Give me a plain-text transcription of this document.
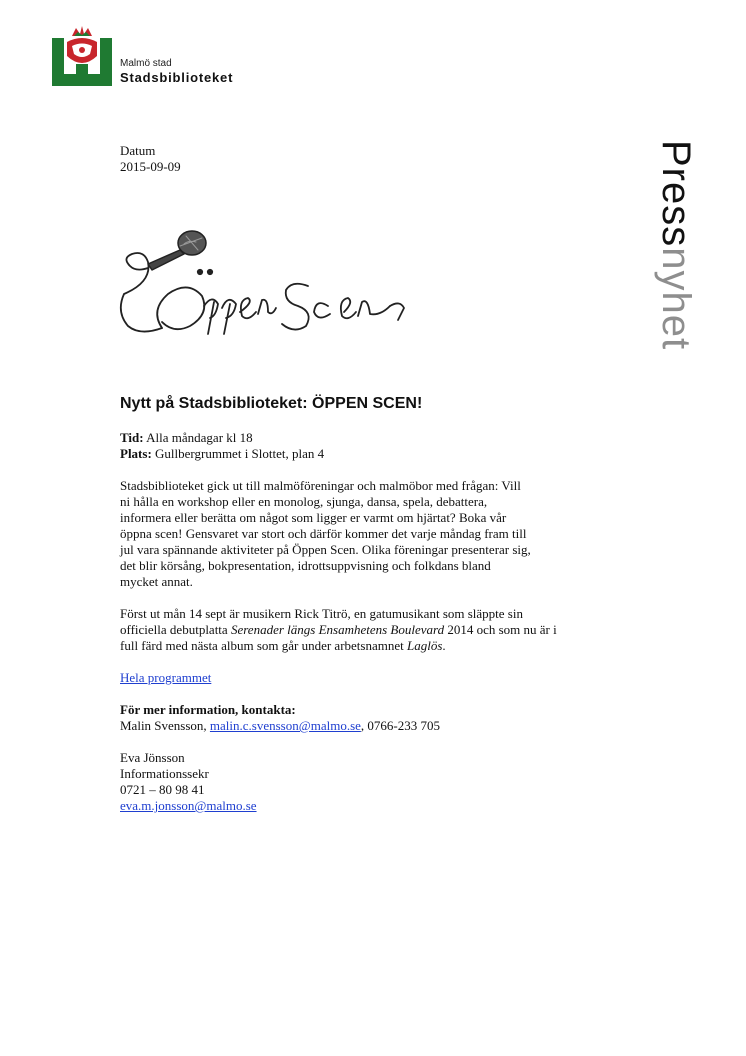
Malmö stad
Stadsbiblioteket
Pressnyhet
Datum
2015-09-09
Nytt på Stadsbiblioteket: ÖPPEN SCEN!

Tid: Alla måndagar kl 18

Plats: Gullbergrummet i Slottet, plan 4

Stadsbiblioteket gick ut till malmöföreningar och malmöbor med frågan: Vill
ni hålla en workshop eller en monolog, sjunga, dansa, spela, debattera,
informera eller berätta om något som ligger er varmt om hjärtat? Boka vår
öppna scen! Gensvaret var stort och därför kommer det varje måndag fram till
jul vara spännande aktiviteter på Öppen Scen. Olika föreningar presenterar sig,
det blir körsång, bokpresentation, idrottsuppvisning och folkdans bland
mycket annat.
Först ut mån 14 sept är musikern Rick Titrö, en gatumusikant som släppte sin
officiella debutplatta Serenader längs Ensamhetens Boulevard 2014 och som nu är i
full färd med nästa album som går under arbetsnamnet Laglös.
Hela programmet
För mer information, kontakta:
Malin Svensson, malin.c.svensson@malmo.se, 0766-233 705
Eva Jönsson
Informationssekr
0721 – 80 98 41
eva.m.jonsson@malmo.se
